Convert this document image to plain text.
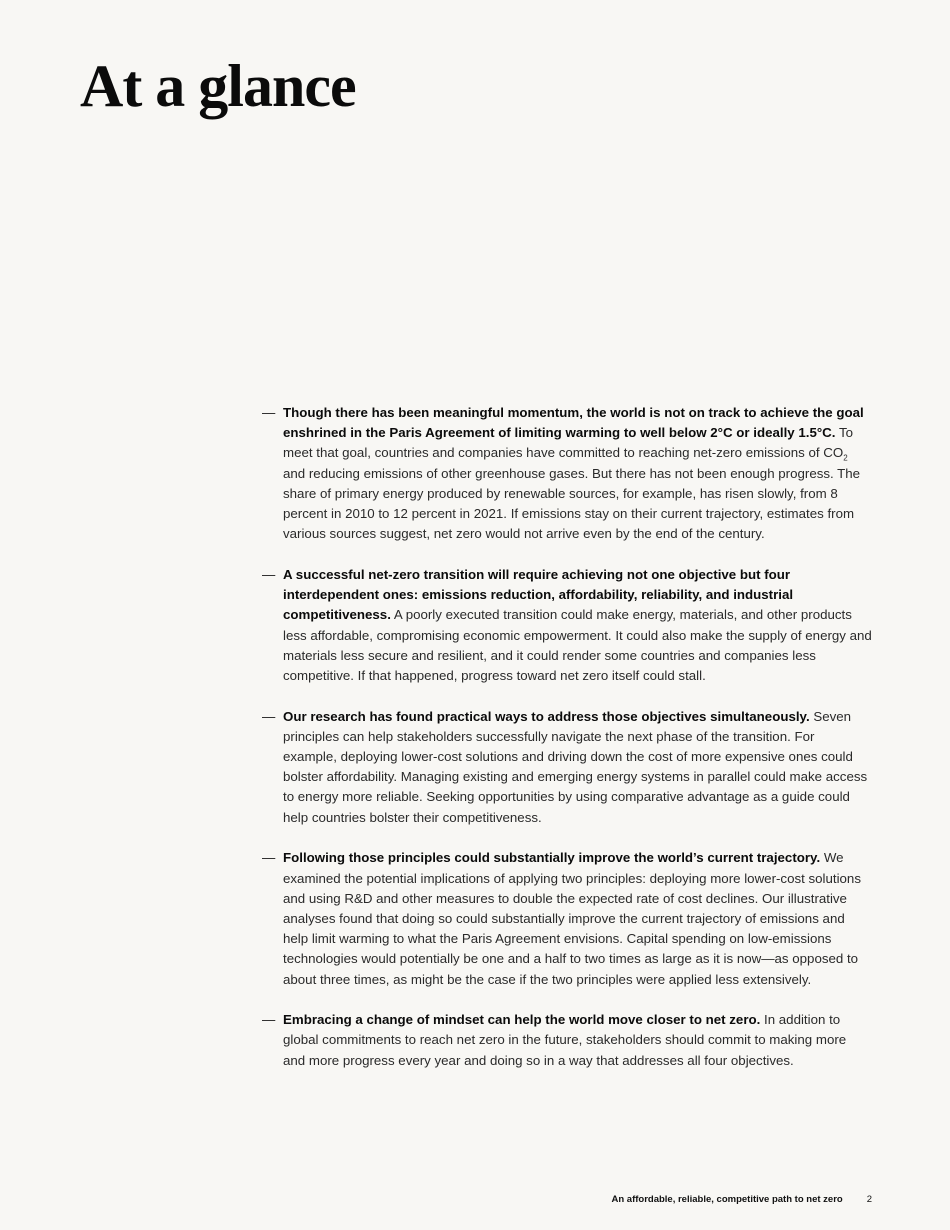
At a glance
— Though there has been meaningful momentum, the world is not on track to achieve the goal enshrined in the Paris Agreement of limiting warming to well below 2°C or ideally 1.5°C. To meet that goal, countries and companies have committed to reaching net-zero emissions of $CO_2$ and reducing emissions of other greenhouse gases. But there has not been enough progress. The share of primary energy produced by renewable sources, for example, has risen slowly, from 8 percent in 2010 to 12 percent in 2021. If emissions stay on their current trajectory, estimates from various sources suggest, net zero would not arrive even by the end of the century.
— A successful net-zero transition will require achieving not one objective but four interdependent ones: emissions reduction, affordability, reliability, and industrial competitiveness. A poorly executed transition could make energy, materials, and other products less affordable, compromising economic empowerment. It could also make the supply of energy and materials less secure and resilient, and it could render some countries and companies less competitive. If that happened, progress toward net zero itself could stall.
— Our research has found practical ways to address those objectives simultaneously. Seven principles can help stakeholders successfully navigate the next phase of the transition. For example, deploying lower-cost solutions and driving down the cost of more expensive ones could bolster affordability. Managing existing and emerging energy systems in parallel could make access to energy more reliable. Seeking opportunities by using comparative advantage as a guide could help countries bolster their competitiveness.
— Following those principles could substantially improve the world’s current trajectory. We examined the potential implications of applying two principles: deploying more lower-cost solutions and using R&D and other measures to double the expected rate of cost declines. Our illustrative analyses found that doing so could substantially improve the current trajectory of emissions and help limit warming to what the Paris Agreement envisions. Capital spending on low-emissions technologies would potentially be one and a half to two times as large as it is now—as opposed to about three times, as might be the case if the two principles were applied less extensively.
— Embracing a change of mindset can help the world move closer to net zero. In addition to global commitments to reach net zero in the future, stakeholders should commit to making more and more progress every year and doing so in a way that addresses all four objectives.
An affordable, reliable, competitive path to net zero	2
